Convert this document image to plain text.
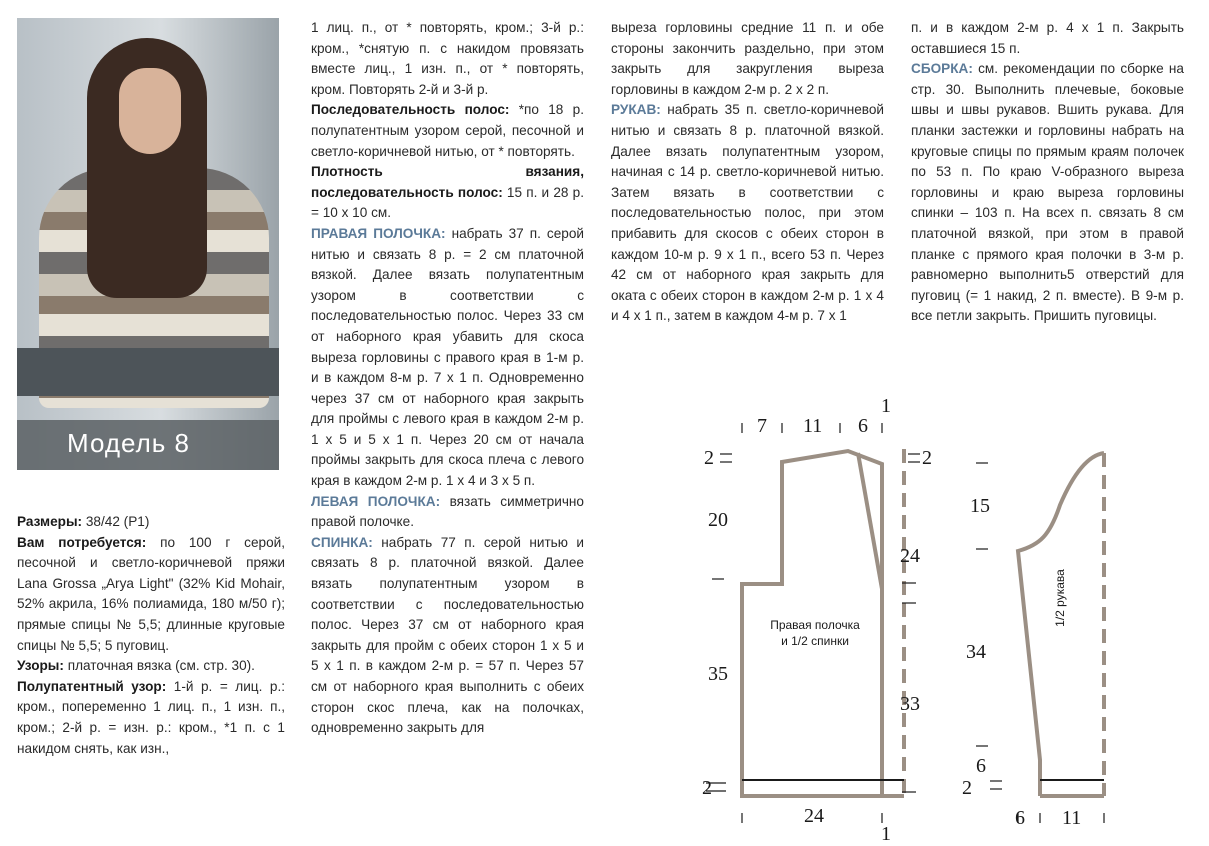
Модель 8

Размеры: 38/42 (Р1)

Вам потребуется: по 100 г серой, песочной и светло-коричневой пряжи Lana Grossa „Arya Light" (32% Kid Mohair, 52% акрила, 16% полиамида, 180 м/50 г); прямые спицы № 5,5; длинные круговые спицы № 5,5; 5 пуговиц.

Узоры: платочная вязка (см. стр. 30).

Полупатентный узор: 1-й р. = лиц. р.: кром., попеременно 1 лиц. п., 1 изн. п., кром.; 2-й р. = изн. р.: кром., *1 п. с 1 накидом снять, как изн.,

1 лиц. п., от * повторять, кром.; 3-й р.: кром., *снятую п. с накидом провязать вместе лиц., 1 изн. п., от * повторять, кром. Повторять 2-й и 3-й р.

Последовательность полос: *по 18 р. полупатентным узором серой, песочной и светло-коричневой нитью, от * повторять.

Плотность вязания, последовательность полос: 15 п. и 28 р. = 10 х 10 см.

ПРАВАЯ ПОЛОЧКА: набрать 37 п. серой нитью и связать 8 р. = 2 см платочной вязкой. Далее вязать полупатентным узором в соответствии с последовательностью полос. Через 33 см от наборного края убавить для скоса выреза горловины с правого края в 1-м р. и в каждом 8-м р. 7 х 1 п. Одновременно через 37 см от наборного края закрыть для проймы с левого края в каждом 2-м р. 1 х 5 и 5 х 1 п. Через 20 см от начала проймы закрыть для скоса плеча с левого края в каждом 2-м р. 1 х 4 и 3 х 5 п.

ЛЕВАЯ ПОЛОЧКА: вязать симметрично правой полочке.

СПИНКА: набрать 77 п. серой нитью и связать 8 р. платочной вязкой. Далее вязать полупатентным узором в соответствии с последовательностью полос. Через 37 см от наборного края закрыть для пройм с обеих сторон 1 х 5 и 5 х 1 п. в каждом 2-м р. = 57 п. Через 57 см от наборного края выполнить с обеих сторон скос плеча, как на полочках, одновременно закрыть для

выреза горловины средние 11 п. и обе стороны закончить раздельно, при этом закрыть для закругления выреза горловины в каждом 2-м р. 2 х 2 п.

РУКАВ: набрать 35 п. светло-коричневой нитью и связать 8 р. платочной вязкой. Далее вязать полупатентным узором, начиная с 14 р. светло-коричневой нитью. Затем вязать в соответствии с последовательностью полос, при этом прибавить для скосов с обеих сторон в каждом 10-м р. 9 х 1 п., всего 53 п. Через 42 см от наборного края закрыть для оката с обеих сторон в каждом 2-м р. 1 х 4 и 4 х 1 п., затем в каждом 4-м р. 7 х 1

п. и в каждом 2-м р. 4 х 1 п. Закрыть оставшиеся 15 п.

СБОРКА: см. рекомендации по сборке на стр. 30. Выполнить плечевые, боковые швы и швы рукавов. Вшить рукава. Для планки застежки и горловины набрать на круговые спицы по прямым краям полочек по 53 п. По краю V-образного выреза горловины и краю выреза горловины спинки – 103 п. На всех п. связать 8 см платочной вязкой, при этом в правой планке с прямого края полочки в 3-м р. равномерно выполнить5 отверстий для пуговиц (= 1 накид, 2 п. вместе). В 9-м р. все петли закрыть. Пришить пуговицы.

7 11 6
1
2	2
20
24
35
33
2
24
1
15
34
6
2
6 11
Правая полочка
и 1/2 спинки
1/2 рукава
